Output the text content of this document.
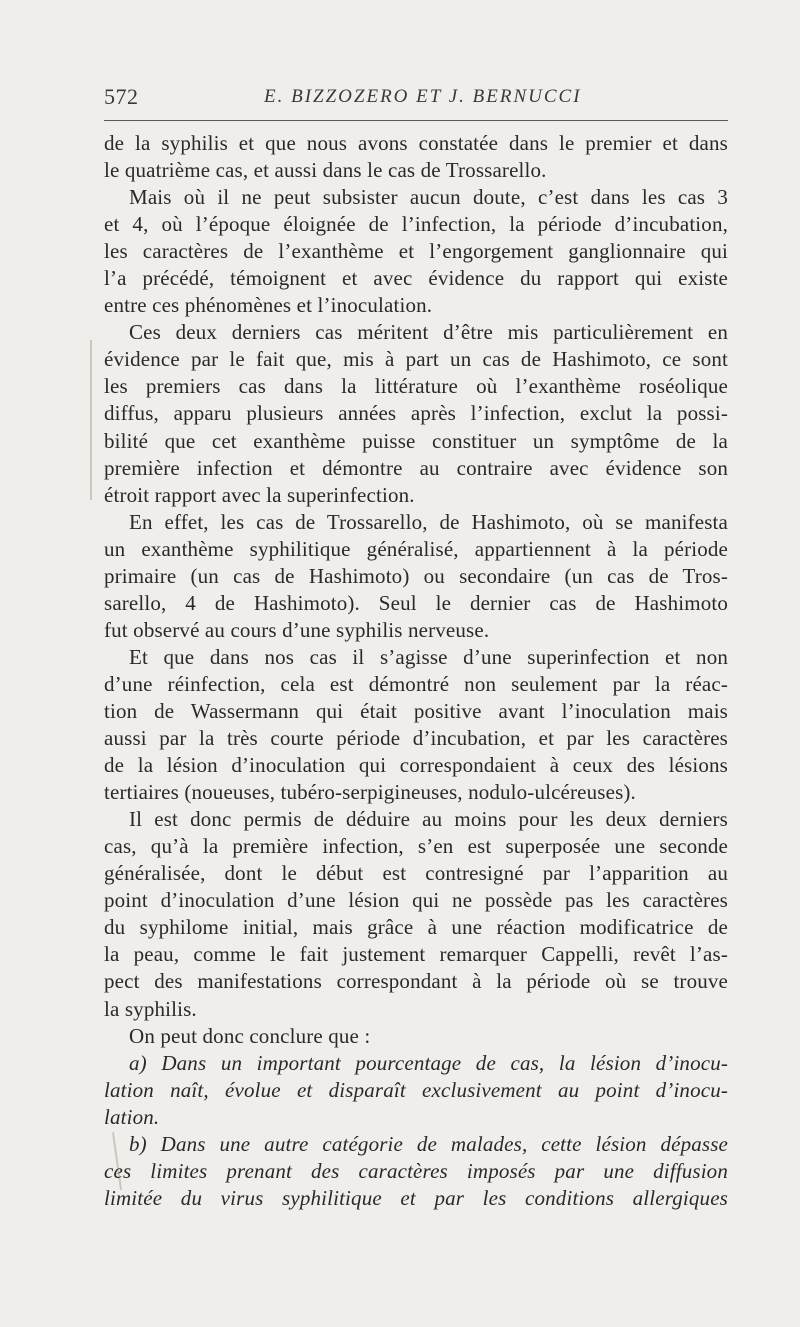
572	E. BIZZOZERO ET J. BERNUCCI
de la syphilis et que nous avons constatée dans le premier et dans
le quatrième cas, et aussi dans le cas de Trossarello.
Mais où il ne peut subsister aucun doute, c’est dans les cas 3
et 4, où l’époque éloignée de l’infection, la période d’incubation,
les caractères de l’exanthème et l’engorgement ganglionnaire qui
l’a précédé, témoignent et avec évidence du rapport qui existe
entre ces phénomènes et l’inoculation.
Ces deux derniers cas méritent d’être mis particulièrement en
évidence par le fait que, mis à part un cas de Hashimoto, ce sont
les premiers cas dans la littérature où l’exanthème roséolique
diffus, apparu plusieurs années après l’infection, exclut la possi-
bilité que cet exanthème puisse constituer un symptôme de la
première infection et démontre au contraire avec évidence son
étroit rapport avec la superinfection.
En effet, les cas de Trossarello, de Hashimoto, où se manifesta
un exanthème syphilitique généralisé, appartiennent à la période
primaire (un cas de Hashimoto) ou secondaire (un cas de Tros-
sarello, 4 de Hashimoto). Seul le dernier cas de Hashimoto
fut observé au cours d’une syphilis nerveuse.
Et que dans nos cas il s’agisse d’une superinfection et non
d’une réinfection, cela est démontré non seulement par la réac-
tion de Wassermann qui était positive avant l’inoculation mais
aussi par la très courte période d’incubation, et par les caractères
de la lésion d’inoculation qui correspondaient à ceux des lésions
tertiaires (noueuses, tubéro-serpigineuses, nodulo-ulcéreuses).
Il est donc permis de déduire au moins pour les deux derniers
cas, qu’à la première infection, s’en est superposée une seconde
généralisée, dont le début est contresigné par l’apparition au
point d’inoculation d’une lésion qui ne possède pas les caractères
du syphilome initial, mais grâce à une réaction modificatrice de
la peau, comme le fait justement remarquer Cappelli, revêt l’as-
pect des manifestations correspondant à la période où se trouve
la syphilis.
On peut donc conclure que :
a) Dans un important pourcentage de cas, la lésion d’inocu-
lation naît, évolue et disparaît exclusivement au point d’inocu-
lation.
b) Dans une autre catégorie de malades, cette lésion dépasse
ces limites prenant des caractères imposés par une diffusion
limitée du virus syphilitique et par les conditions allergiques
